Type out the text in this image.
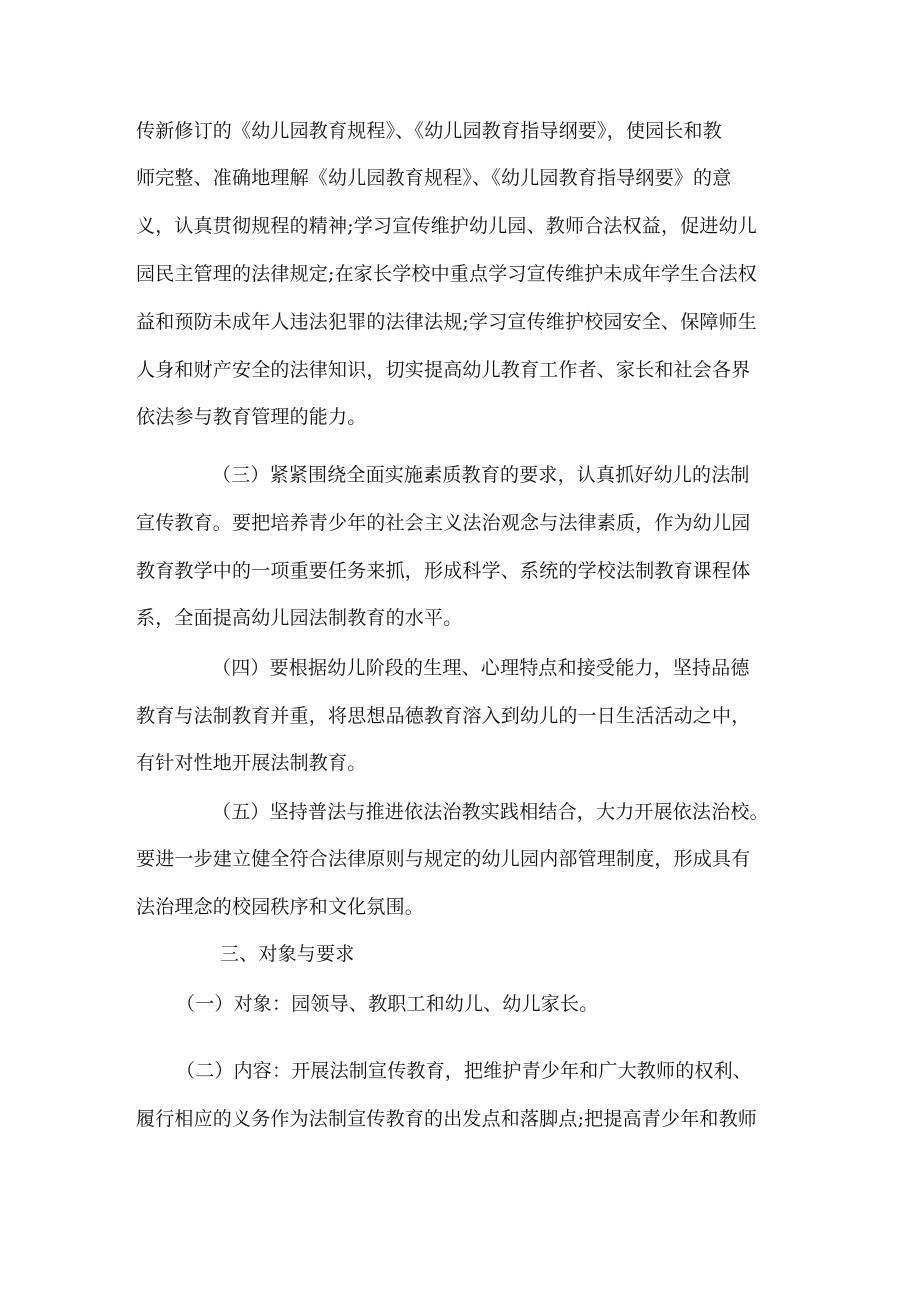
传新修订的《幼儿园教育规程》、《幼儿园教育指导纲要》，使园长和教
师完整、准确地理解《幼儿园教育规程》、《幼儿园教育指导纲要》的意
义，认真贯彻规程的精神;学习宣传维护幼儿园、教师合法权益，促进幼儿
园民主管理的法律规定;在家长学校中重点学习宣传维护未成年学生合法权
益和预防未成年人违法犯罪的法律法规;学习宣传维护校园安全、保障师生
人身和财产安全的法律知识，切实提高幼儿教育工作者、家长和社会各界
依法参与教育管理的能力。
（三）紧紧围绕全面实施素质教育的要求，认真抓好幼儿的法制
宣传教育。要把培养青少年的社会主义法治观念与法律素质，作为幼儿园
教育教学中的一项重要任务来抓，形成科学、系统的学校法制教育课程体
系，全面提高幼儿园法制教育的水平。
（四）要根据幼儿阶段的生理、心理特点和接受能力，坚持品德
教育与法制教育并重，将思想品德教育溶入到幼儿的一日生活活动之中，
有针对性地开展法制教育。
（五）坚持普法与推进依法治教实践相结合，大力开展依法治校。
要进一步建立健全符合法律原则与规定的幼儿园内部管理制度，形成具有
法治理念的校园秩序和文化氛围。
三、对象与要求
（一）对象：园领导、教职工和幼儿、幼儿家长。
（二）内容：开展法制宣传教育，把维护青少年和广大教师的权利、
履行相应的义务作为法制宣传教育的出发点和落脚点;把提高青少年和教师
